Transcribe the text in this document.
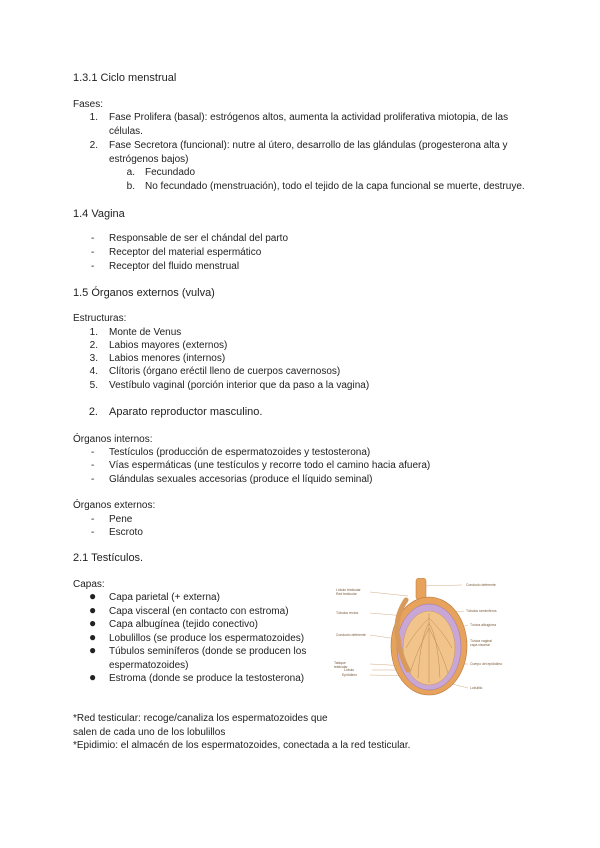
1.3.1 Ciclo menstrual
Fases:
1. Fase Prolifera (basal): estrógenos altos, aumenta la actividad proliferativa miotopia, de las células.
2. Fase Secretora (funcional): nutre al útero, desarrollo de las glándulas (progesterona alta y estrógenos bajos)
a. Fecundado
b. No fecundado (menstruación), todo el tejido de la capa funcional se muerte, destruye.
1.4 Vagina
- Responsable de ser el chándal del parto
- Receptor del material espermático
- Receptor del fluido menstrual
1.5 Órganos externos (vulva)
Estructuras:
1. Monte de Venus
2. Labios mayores (externos)
3. Labios menores (internos)
4. Clítoris (órgano eréctil lleno de cuerpos cavernosos)
5. Vestíbulo vaginal (porción interior que da paso a la vagina)
2. Aparato reproductor masculino.
Órganos internos:
- Testículos (producción de espermatozoides y testosterona)
- Vías espermáticas (une testículos y recorre todo el camino hacia afuera)
- Glándulas sexuales accesorias (produce el líquido seminal)
Órganos externos:
- Pene
- Escroto
2.1 Testículos.
Capas:
● Capa parietal (+ externa)
● Capa visceral (en contacto con estroma)
● Capa albugínea (tejido conectivo)
● Lobulillos (se produce los espermatozoides)
● Túbulos seminíferos (donde se producen los espermatozoides)
● Estroma (donde se produce la testosterona)
Lóbulo testicular
Red testicular
Túbulos rectos
Conducto deferente
Tabique
testicular
Lóbulo
Epidídimo
Conducto deferente
Túbulos seminíferos
Túnica albugínea
Túnica vaginal
capa visceral
Cuerpo del epidídimo
Lobulillo
*Red testicular: recoge/canaliza los espermatozoides que salen de cada uno de los lobulillos
*Epidimio: el almacén de los espermatozoides, conectada a la red testicular.
